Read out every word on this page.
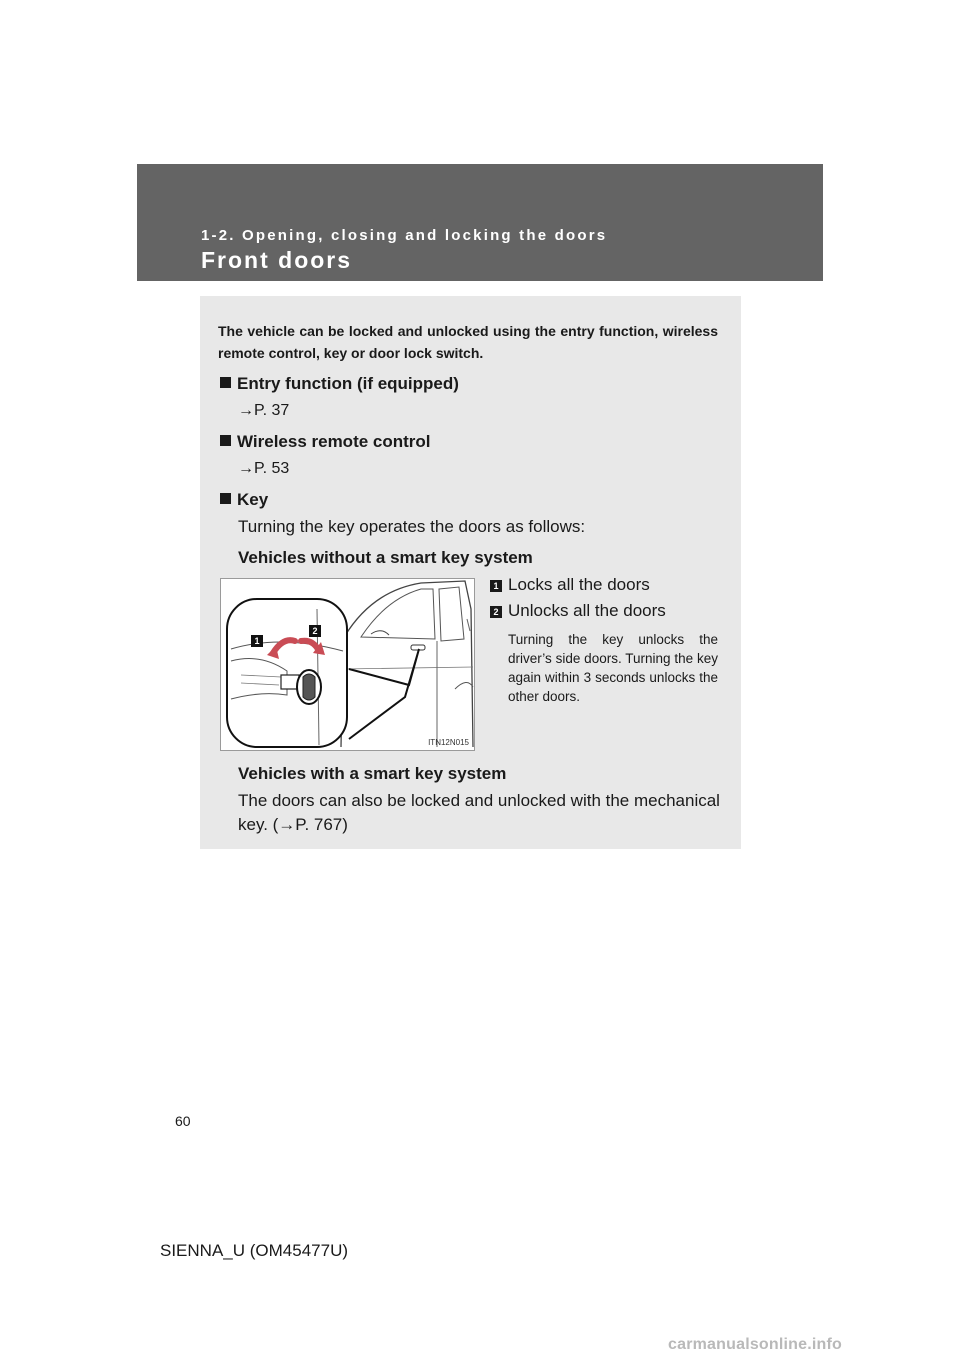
1-2. Opening, closing and locking the doors
Front doors
The vehicle can be locked and unlocked using the entry function, wireless remote control, key or door lock switch.
Entry function (if equipped)
→P. 37
Wireless remote control
→P. 53
Key
Turning the key operates the doors as follows:
Vehicles without a smart key system
1
2
ITN12N015
1 Locks all the doors
2 Unlocks all the doors
Turning the key unlocks the driver’s side doors. Turning the key again within 3 seconds unlocks the other doors.
Vehicles with a smart key system
The doors can also be locked and unlocked with the mechanical
key. (→P. 767)
60
SIENNA_U (OM45477U)
carmanualsonline.info
